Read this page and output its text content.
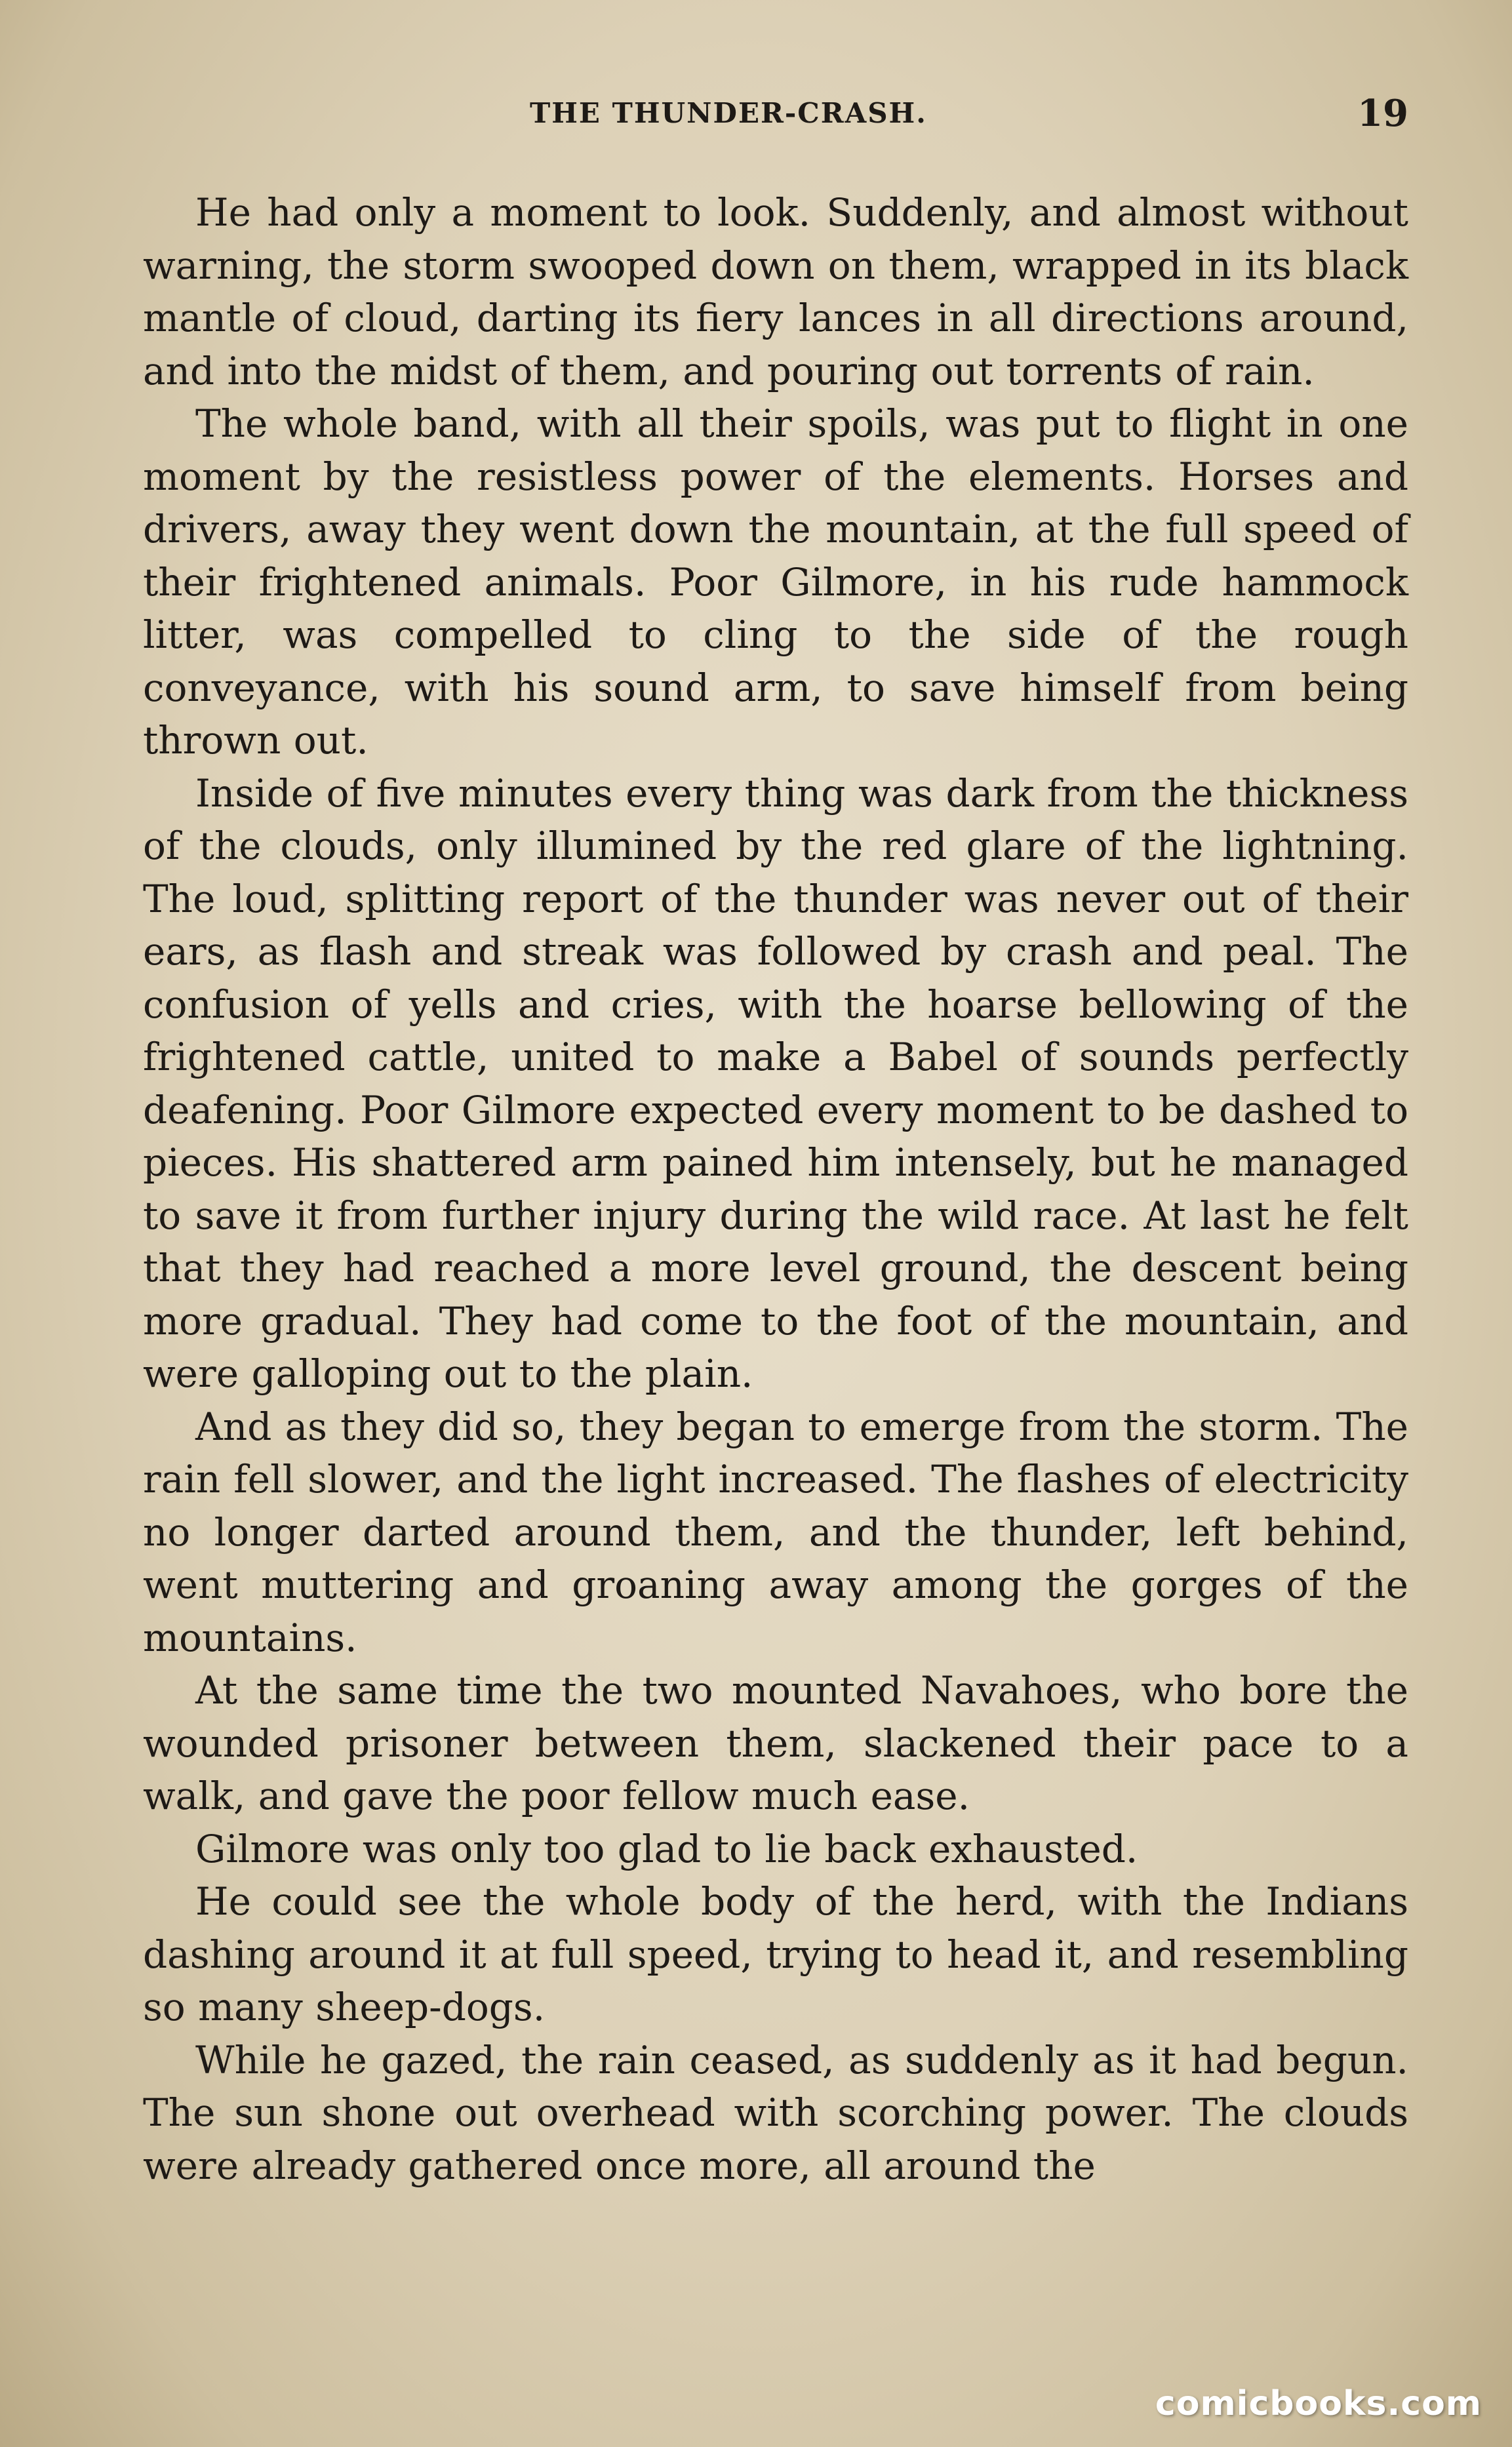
THE THUNDER-CRASH.	19

He had only a moment to look. Suddenly, and almost without warning, the storm swooped down on them, wrapped in its black mantle of cloud, darting its fiery lances in all directions around, and into the midst of them, and pouring out torrents of rain.

The whole band, with all their spoils, was put to flight in one moment by the resistless power of the elements. Horses and drivers, away they went down the mountain, at the full speed of their frightened animals. Poor Gilmore, in his rude hammock litter, was compelled to cling to the side of the rough conveyance, with his sound arm, to save himself from being thrown out.

Inside of five minutes every thing was dark from the thickness of the clouds, only illumined by the red glare of the lightning. The loud, splitting report of the thunder was never out of their ears, as flash and streak was followed by crash and peal. The confusion of yells and cries, with the hoarse bellowing of the frightened cattle, united to make a Babel of sounds perfectly deafening. Poor Gilmore expected every moment to be dashed to pieces. His shattered arm pained him intensely, but he managed to save it from further injury during the wild race. At last he felt that they had reached a more level ground, the descent being more gradual. They had come to the foot of the mountain, and were galloping out to the plain.

And as they did so, they began to emerge from the storm. The rain fell slower, and the light increased. The flashes of electricity no longer darted around them, and the thunder, left behind, went muttering and groaning away among the gorges of the mountains.

At the same time the two mounted Navahoes, who bore the wounded prisoner between them, slackened their pace to a walk, and gave the poor fellow much ease.

Gilmore was only too glad to lie back exhausted.

He could see the whole body of the herd, with the Indians dashing around it at full speed, trying to head it, and resembling so many sheep-dogs.

While he gazed, the rain ceased, as suddenly as it had begun. The sun shone out overhead with scorching power. The clouds were already gathered once more, all around the

comicbooks.com
